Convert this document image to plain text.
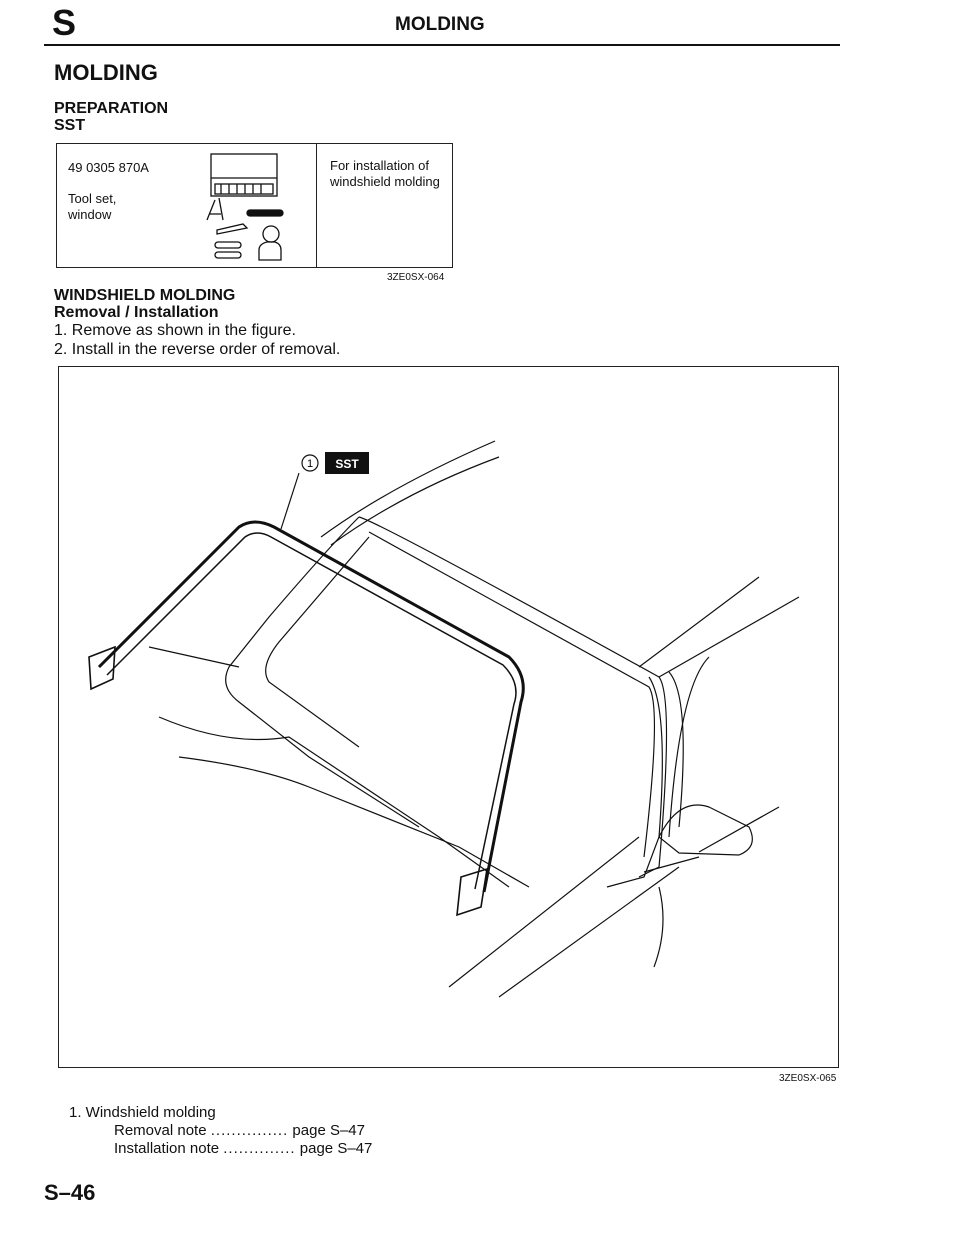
S	MOLDING
MOLDING
PREPARATION
SST
49 0305 870A
Tool set, window
For installation of windshield molding
3ZE0SX-064
WINDSHIELD MOLDING
Removal / Installation
1. Remove as shown in the figure.
2. Install in the reverse order of removal.
1 SST
3ZE0SX-065
1. Windshield molding
Removal note ............... page S–47
Installation note .............. page S–47
S–46
